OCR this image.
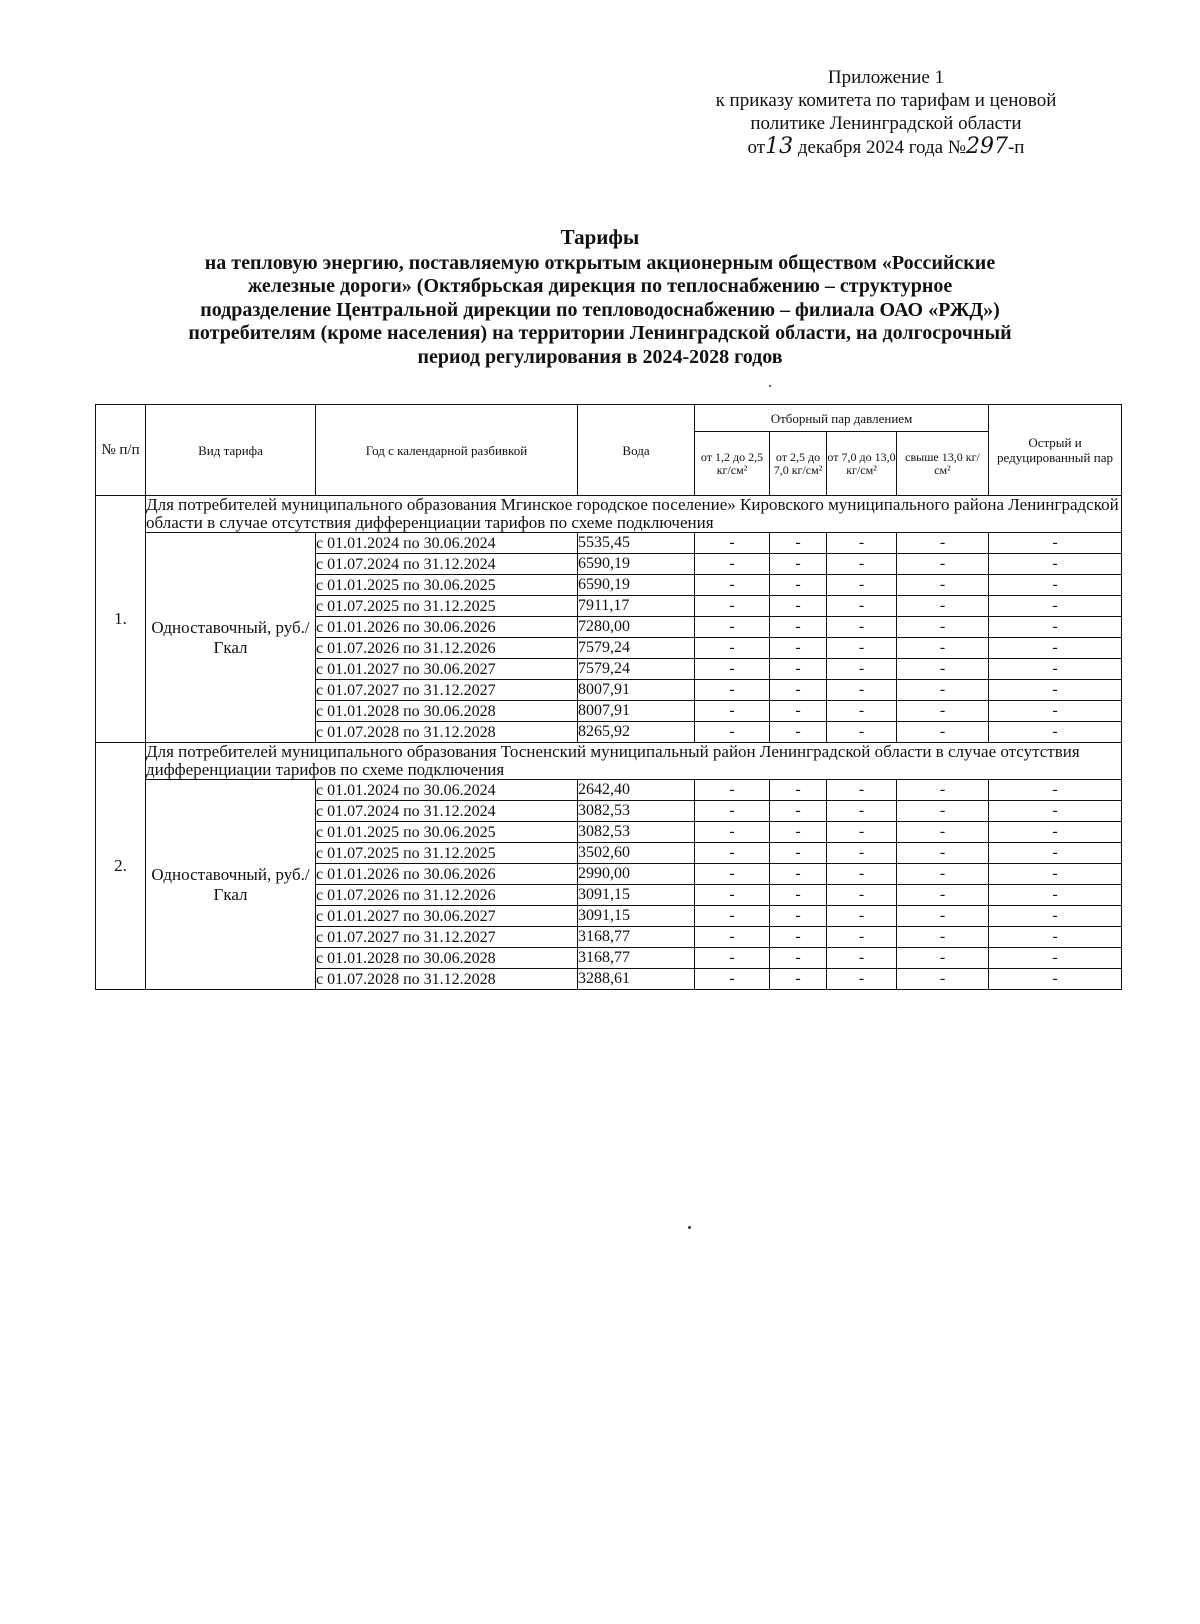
Приложение 1
к приказу комитета по тарифам и ценовой
политике Ленинградской области
от13 декабря 2024 года №297-п
Тарифы
на тепловую энергию, поставляемую открытым акционерным обществом «Российские
железные дороги» (Октябрьская дирекция по теплоснабжению – структурное
подразделение Центральной дирекции по тепловодоснабжению – филиала ОАО «РЖД»)
потребителям (кроме населения) на территории Ленинградской области, на долгосрочный
период регулирования в 2024-2028 годов
№ п/п	Вид тарифа	Год с календарной разбивкой	Вода	Отборный пар давлением				Острый и редуцированный пар
				от 1,2 до 2,5 кг/см²	от 2,5 до 7,0 кг/см²	от 7,0 до 13,0 кг/см²	свыше 13,0 кг/см²	
1.	Для потребителей муниципального образования Мгинское городское поселение» Кировского муниципального района Ленинградской области в случае отсутствия дифференциации тарифов по схеме подключения							
	Одноставочный, руб./Гкал	с 01.01.2024 по 30.06.2024	5535,45	-	-	-	-	-
		с 01.07.2024 по 31.12.2024	6590,19	-	-	-	-	-
		с 01.01.2025 по 30.06.2025	6590,19	-	-	-	-	-
		с 01.07.2025 по 31.12.2025	7911,17	-	-	-	-	-
		с 01.01.2026 по 30.06.2026	7280,00	-	-	-	-	-
		с 01.07.2026 по 31.12.2026	7579,24	-	-	-	-	-
		с 01.01.2027 по 30.06.2027	7579,24	-	-	-	-	-
		с 01.07.2027 по 31.12.2027	8007,91	-	-	-	-	-
		с 01.01.2028 по 30.06.2028	8007,91	-	-	-	-	-
		с 01.07.2028 по 31.12.2028	8265,92	-	-	-	-	-
2.	Для потребителей муниципального образования Тосненский муниципальный район Ленинградской области в случае отсутствия дифференциации тарифов по схеме подключения							
	Одноставочный, руб./Гкал	с 01.01.2024 по 30.06.2024	2642,40	-	-	-	-	-
		с 01.07.2024 по 31.12.2024	3082,53	-	-	-	-	-
		с 01.01.2025 по 30.06.2025	3082,53	-	-	-	-	-
		с 01.07.2025 по 31.12.2025	3502,60	-	-	-	-	-
		с 01.01.2026 по 30.06.2026	2990,00	-	-	-	-	-
		с 01.07.2026 по 31.12.2026	3091,15	-	-	-	-	-
		с 01.01.2027 по 30.06.2027	3091,15	-	-	-	-	-
		с 01.07.2027 по 31.12.2027	3168,77	-	-	-	-	-
		с 01.01.2028 по 30.06.2028	3168,77	-	-	-	-	-
		с 01.07.2028 по 31.12.2028	3288,61	-	-	-	-	-
